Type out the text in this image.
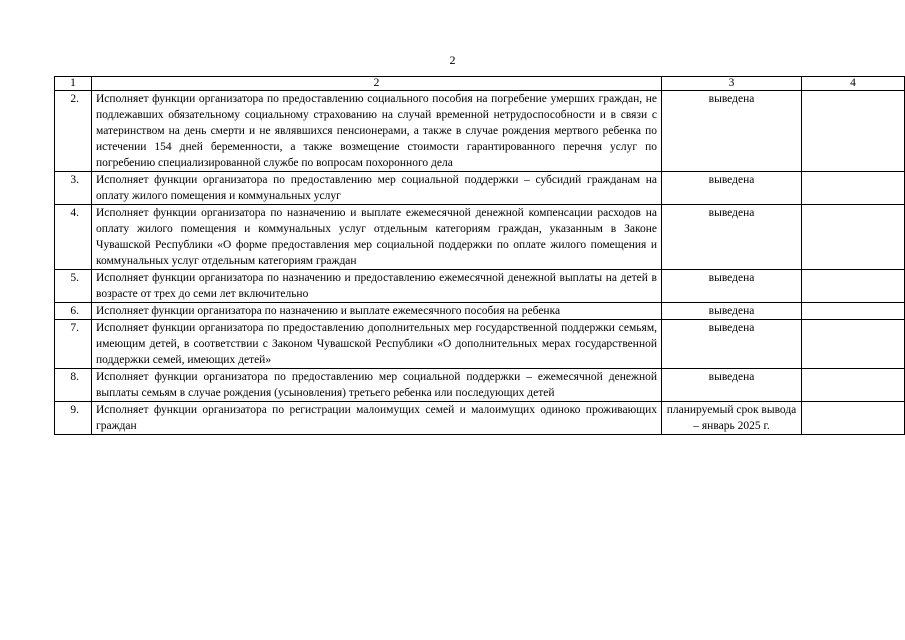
2
1	2	3	4
2.	Исполняет функции организатора по предоставлению социального пособия на погребение умерших граждан, не подлежавших обязательному социальному страхованию на случай временной нетрудоспособности и в связи с материнством на день смерти и не являвшихся пенсионерами, а также в случае рождения мертвого ребенка по истечении 154 дней беременности, а также возмещение стоимости гарантированного перечня услуг по погребению специализированной службе по вопросам похоронного дела	выведена	
3.	Исполняет функции организатора по предоставлению мер социальной поддержки – субсидий гражданам на оплату жилого помещения и коммунальных услуг	выведена	
4.	Исполняет функции организатора по назначению и выплате ежемесячной денежной компенсации расходов на оплату жилого помещения и коммунальных услуг отдельным категориям граждан, указанным в Законе Чувашской Республики «О форме предоставления мер социальной поддержки по оплате жилого помещения и коммунальных услуг отдельным категориям граждан	выведена	
5.	Исполняет функции организатора по назначению и предоставлению ежемесячной денежной выплаты на детей в возрасте от трех до семи лет включительно	выведена	
6.	Исполняет функции организатора по назначению и выплате ежемесячного пособия на ребенка	выведена	
7.	Исполняет функции организатора по предоставлению дополнительных мер государственной поддержки семьям, имеющим детей, в соответствии с Законом Чувашской Республики «О дополнительных мерах государственной поддержки семей, имеющих детей»	выведена	
8.	Исполняет функции организатора по предоставлению мер социальной поддержки – ежемесячной денежной выплаты семьям в случае рождения (усыновления) третьего ребенка или последующих детей	выведена	
9.	Исполняет функции организатора по регистрации малоимущих семей и малоимущих одиноко проживающих граждан	планируемый срок вывода – январь 2025 г.	
